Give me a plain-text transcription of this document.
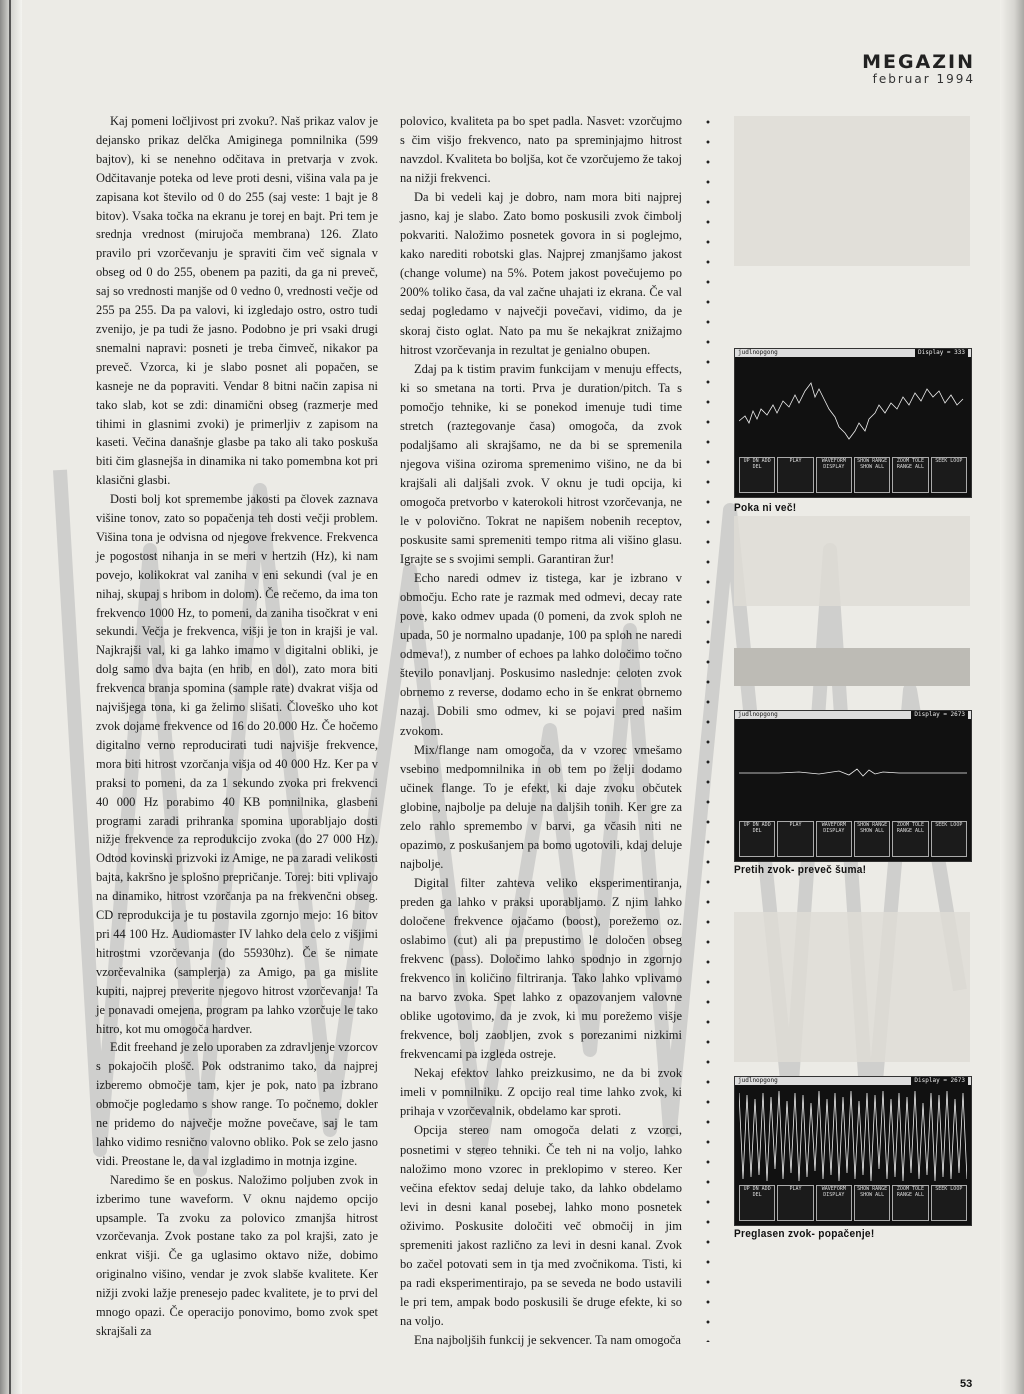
MEGAZIN
februar 1994

Kaj pomeni ločljivost pri zvoku?. Naš prikaz valov je dejansko prikaz delčka Amiginega pomnilnika (599 bajtov), ki se nenehno odčitava in pretvarja v zvok. Odčitavanje poteka od leve proti desni, višina vala pa je zapisana kot število od 0 do 255 (saj veste: 1 bajt je 8 bitov). Vsaka točka na ekranu je torej en bajt. Pri tem je srednja vrednost (mirujoča membrana) 126. Zlato pravilo pri vzorčevanju je spraviti čim več signala v obseg od 0 do 255, obenem pa paziti, da ga ni preveč, saj so vrednosti manjše od 0 vedno 0, vrednosti večje od 255 pa 255. Da pa valovi, ki izgledajo ostro, ostro tudi zvenijo, je pa tudi že jasno. Podobno je pri vsaki drugi snemalni napravi: posneti je treba čimveč, nikakor pa preveč. Vzorca, ki je slabo posnet ali popačen, se kasneje ne da popraviti. Vendar 8 bitni način zapisa ni tako slab, kot se zdi: dinamični obseg (razmerje med tihimi in glasnimi zvoki) je primerljiv z zapisom na kaseti. Večina današnje glasbe pa tako ali tako poskuša biti čim glasnejša in dinamika ni tako pomembna kot pri klasični glasbi.

Dosti bolj kot spremembe jakosti pa človek zaznava višine tonov, zato so popačenja teh dosti večji problem. Višina tona je odvisna od njegove frekvence. Frekvenca je pogostost nihanja in se meri v hertzih (Hz), ki nam povejo, kolikokrat val zaniha v eni sekundi (val je en nihaj, skupaj s hribom in dolom). Če rečemo, da ima ton frekvenco 1000 Hz, to pomeni, da zaniha tisočkrat v eni sekundi. Večja je frekvenca, višji je ton in krajši je val. Najkrajši val, ki ga lahko imamo v digitalni obliki, je dolg samo dva bajta (en hrib, en dol), zato mora biti frekvenca branja spomina (sample rate) dvakrat višja od najvišjega tona, ki ga želimo slišati. Človeško uho kot zvok dojame frekvence od 16 do 20.000 Hz. Če hočemo digitalno verno reproducirati tudi najvišje frekvence, mora biti hitrost vzorčanja višja od 40 000 Hz. Ker pa v praksi to pomeni, da za 1 sekundo zvoka pri frekvenci 40 000 Hz porabimo 40 KB pomnilnika, glasbeni programi zaradi prihranka spomina uporabljajo dosti nižje frekvence za reprodukcijo zvoka (do 27 000 Hz). Odtod kovinski prizvoki iz Amige, ne pa zaradi velikosti bajta, kakršno je splošno prepričanje. Torej: biti vplivajo na dinamiko, hitrost vzorčanja pa na frekvenčni obseg. CD reprodukcija je tu postavila zgornjo mejo: 16 bitov pri 44 100 Hz. Audiomaster IV lahko dela celo z višjimi hitrostmi vzorčevanja (do 55930hz). Če še nimate vzorčevalnika (samplerja) za Amigo, pa ga mislite kupiti, najprej preverite njegovo hitrost vzorčevanja! Ta je ponavadi omejena, program pa lahko vzorčuje le tako hitro, kot mu omogoča hardver.

Edit freehand je zelo uporaben za zdravljenje vzorcov s pokajočih plošč. Pok odstranimo tako, da najprej izberemo območje tam, kjer je pok, nato pa izbrano območje pogledamo s show range. To počnemo, dokler ne pridemo do največje možne povečave, saj le tam lahko vidimo resnično valovno obliko. Pok se zelo jasno vidi. Preostane le, da val izgladimo in motnja izgine.

Naredimo še en poskus. Naložimo poljuben zvok in izberimo tune waveform. V oknu najdemo opcijo upsample. Ta zvoku za polovico zmanjša hitrost vzorčevanja. Zvok postane tako za pol krajši, zato je enkrat višji. Če ga uglasimo oktavo niže, dobimo originalno višino, vendar je zvok slabše kvalitete. Ker nižji zvoki lažje prenesejo padec kvalitete, je to prvi del mnogo opazi. Če operacijo ponovimo, bomo zvok spet skrajšali za

polovico, kvaliteta pa bo spet padla. Nasvet: vzorčujmo s čim višjo frekvenco, nato pa spreminjajmo hitrost navzdol. Kvaliteta bo boljša, kot če vzorčujemo že takoj na nižji frekvenci.

Da bi vedeli kaj je dobro, nam mora biti najprej jasno, kaj je slabo. Zato bomo poskusili zvok čimbolj pokvariti. Naložimo posnetek govora in si poglejmo, kako narediti robotski glas. Najprej zmanjšamo jakost (change volume) na 5%. Potem jakost povečujemo po 200% toliko časa, da val začne uhajati iz ekrana. Če val sedaj pogledamo v največji povečavi, vidimo, da je skoraj čisto oglat. Nato pa mu še nekajkrat znižajmo hitrost vzorčevanja in rezultat je genialno obupen.

Zdaj pa k tistim pravim funkcijam v menuju effects, ki so smetana na torti. Prva je duration/pitch. Ta s pomočjo tehnike, ki se ponekod imenuje tudi time stretch (raztegovanje časa) omogoča, da zvok podaljšamo ali skrajšamo, ne da bi se spremenila njegova višina oziroma spremenimo višino, ne da bi krajšali ali daljšali zvok. V oknu je tudi opcija, ki omogoča pretvorbo v katerokoli hitrost vzorčevanja, ne le v polovično. Tokrat ne napišem nobenih receptov, poskusite sami spremeniti tempo ritma ali višino glasu. Igrajte se s svojimi sempli. Garantiran žur!

Echo naredi odmev iz tistega, kar je izbrano v območju. Echo rate je razmak med odmevi, decay rate pove, kako odmev upada (0 pomeni, da zvok sploh ne upada, 50 je normalno upadanje, 100 pa sploh ne naredi odmeva!), z number of echoes pa lahko določimo točno število ponavljanj. Poskusimo naslednje: celoten zvok obrnemo z reverse, dodamo echo in še enkrat obrnemo nazaj. Dobili smo odmev, ki se pojavi pred našim zvokom.

Mix/flange nam omogoča, da v vzorec vmešamo vsebino medpomnilnika in ob tem po želji dodamo učinek flange. To je efekt, ki daje zvoku občutek globine, najbolje pa deluje na daljših tonih. Ker gre za zelo rahlo spremembo v barvi, ga včasih niti ne opazimo, z poskušanjem pa bomo ugotovili, kdaj deluje najbolje.

Digital filter zahteva veliko eksperimentiranja, preden ga lahko v praksi uporabljamo. Z njim lahko določene frekvence ojačamo (boost), porežemo oz. oslabimo (cut) ali pa prepustimo le določen obseg frekvenc (pass). Določimo lahko spodnjo in zgornjo frekvenco in količino filtriranja. Tako lahko vplivamo na barvo zvoka. Spet lahko z opazovanjem valovne oblike ugotovimo, da je zvok, ki mu porežemo višje frekvence, bolj zaobljen, zvok s porezanimi nizkimi frekvencami pa izgleda ostreje.

Nekaj efektov lahko preizkusimo, ne da bi zvok imeli v pomnilniku. Z opcijo real time lahko zvok, ki prihaja v vzorčevalnik, obdelamo kar sproti.

Opcija stereo nam omogoča delati z vzorci, posnetimi v stereo tehniki. Če teh ni na voljo, lahko naložimo mono vzorec in preklopimo v stereo. Ker večina efektov sedaj deluje tako, da lahko obdelamo levi in desni kanal posebej, lahko mono posnetek oživimo. Poskusite določiti več območij in jim spremeniti jakost različno za levi in desni kanal. Zvok bo začel potovati sem in tja med zvočnikoma. Tisti, ki pa radi eksperimentirajo, pa se seveda ne bodo ustavili le pri tem, ampak bodo poskusili še druge efekte, ki so na voljo.

Ena najboljših funkcij je sekvencer. Ta nam omogoča

judlnopgong	Display = 333
UP DN ADD DEL
PLAY	WAVEFORM DISPLAY
SHOW RANGE SHOW ALL
ZOOM TOLE RANGE ALL
SEEK LOOP
Poka ni več!
judlnopgong	Display = 2673
UP DN ADD DEL
PLAY	WAVEFORM DISPLAY
SHOW RANGE SHOW ALL
ZOOM TOLE RANGE ALL
SEEK LOOP
Pretih zvok- preveč šuma!
judlnopgong	Display = 2673
UP DN ADD DEL
PLAY	WAVEFORM DISPLAY
SHOW RANGE SHOW ALL
ZOOM TOLE RANGE ALL
SEEK LOOP
Preglasen zvok- popačenje!
53
